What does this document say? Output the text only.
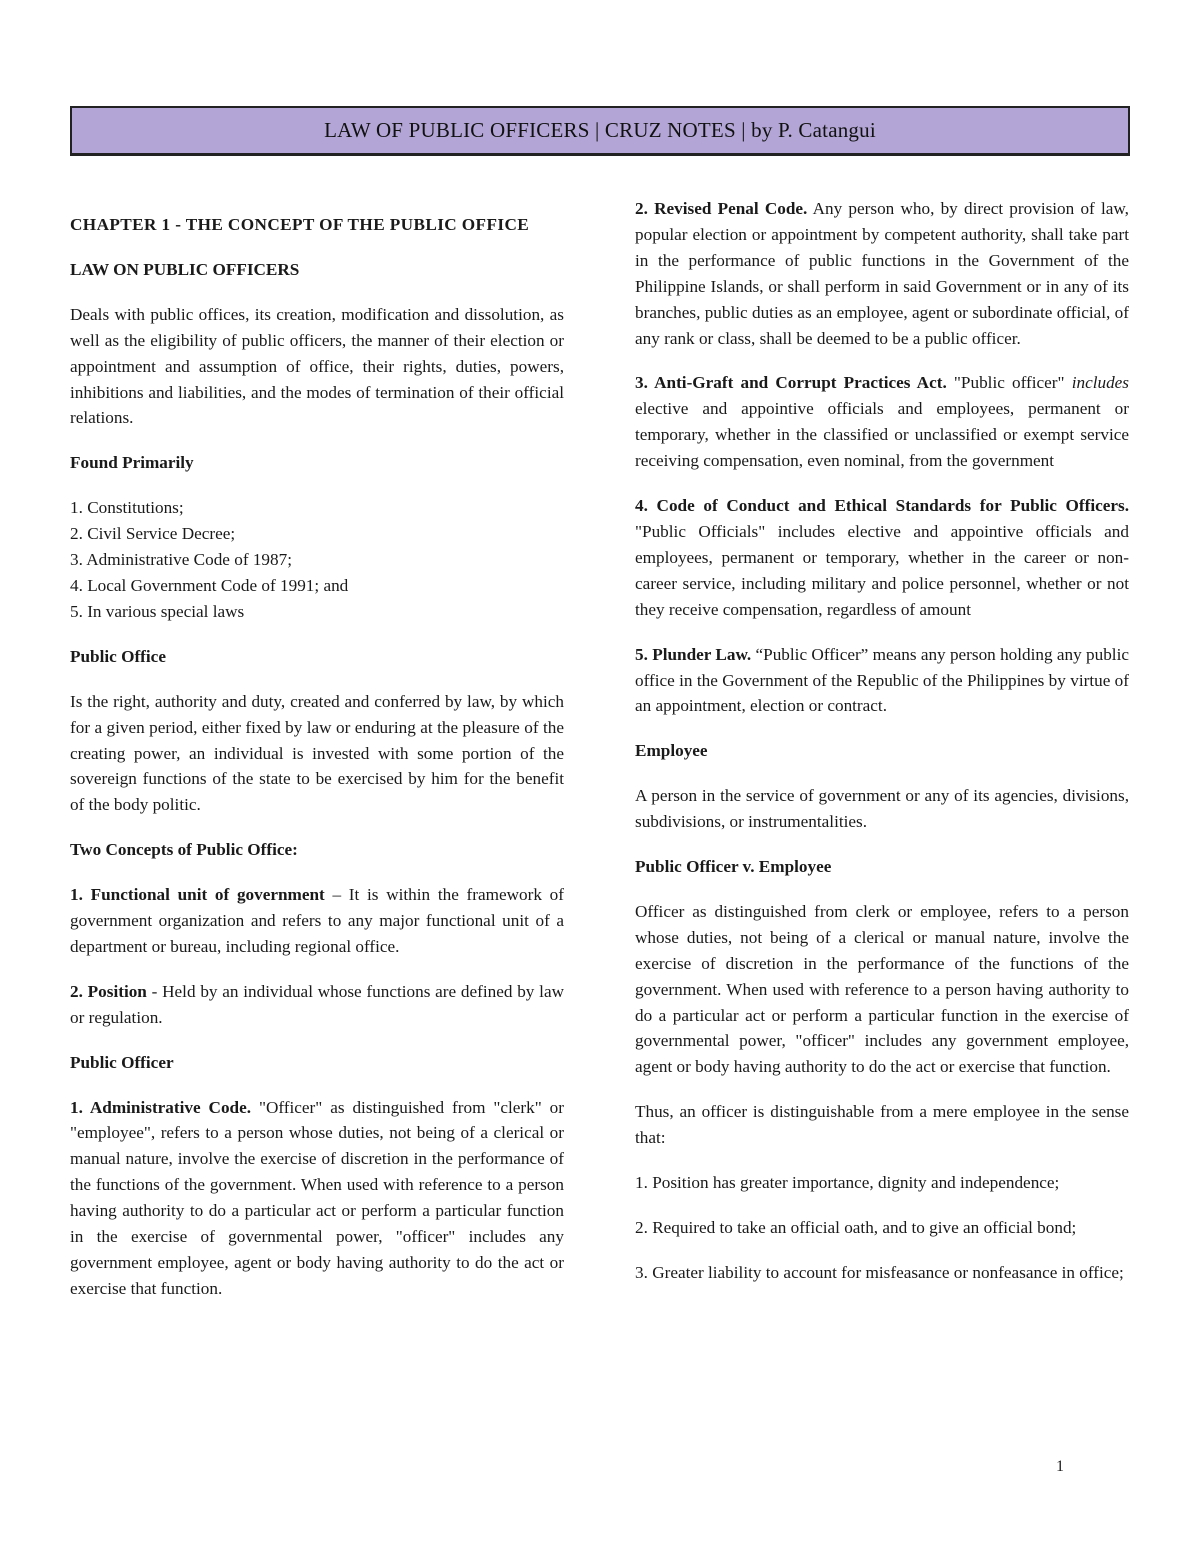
LAW OF PUBLIC OFFICERS | CRUZ NOTES | by P. Catangui

CHAPTER 1 - THE CONCEPT OF THE PUBLIC OFFICE

LAW ON PUBLIC OFFICERS

Deals with public offices, its creation, modification and dissolution, as well as the eligibility of public officers, the manner of their election or appointment and assumption of office, their rights, duties, powers, inhibitions and liabilities, and the modes of termination of their official relations.

Found Primarily

1. Constitutions;

2. Civil Service Decree;

3. Administrative Code of 1987;

4. Local Government Code of 1991; and

5. In various special laws

Public Office

Is the right, authority and duty, created and conferred by law, by which for a given period, either fixed by law or enduring at the pleasure of the creating power, an individual is invested with some portion of the sovereign functions of the state to be exercised by him for the benefit of the body politic.

Two Concepts of Public Office:

1. Functional unit of government – It is within the framework of government organization and refers to any major functional unit of a department or bureau, including regional office.

2. Position - Held by an individual whose functions are defined by law or regulation.

Public Officer

1. Administrative Code. "Officer" as distinguished from "clerk" or "employee", refers to a person whose duties, not being of a clerical or manual nature, involve the exercise of discretion in the performance of the functions of the government. When used with reference to a person having authority to do a particular act or perform a particular function in the exercise of governmental power, "officer" includes any government employee, agent or body having authority to do the act or exercise that function.

2. Revised Penal Code. Any person who, by direct provision of law, popular election or appointment by competent authority, shall take part in the performance of public functions in the Government of the Philippine Islands, or shall perform in said Government or in any of its branches, public duties as an employee, agent or subordinate official, of any rank or class, shall be deemed to be a public officer.

3. Anti-Graft and Corrupt Practices Act. "Public officer" includes elective and appointive officials and employees, permanent or temporary, whether in the classified or unclassified or exempt service receiving compensation, even nominal, from the government

4. Code of Conduct and Ethical Standards for Public Officers. "Public Officials" includes elective and appointive officials and employees, permanent or temporary, whether in the career or non-career service, including military and police personnel, whether or not they receive compensation, regardless of amount

5. Plunder Law. “Public Officer” means any person holding any public office in the Government of the Republic of the Philippines by virtue of an appointment, election or contract.

Employee

A person in the service of government or any of its agencies, divisions, subdivisions, or instrumentalities.

Public Officer v. Employee

Officer as distinguished from clerk or employee, refers to a person whose duties, not being of a clerical or manual nature, involve the exercise of discretion in the performance of the functions of the government. When used with reference to a person having authority to do a particular act or perform a particular function in the exercise of governmental power, "officer" includes any government employee, agent or body having authority to do the act or exercise that function.

Thus, an officer is distinguishable from a mere employee in the sense that:

1. Position has greater importance, dignity and independence;

2. Required to take an official oath, and to give an official bond;

3. Greater liability to account for misfeasance or nonfeasance in office;

1
